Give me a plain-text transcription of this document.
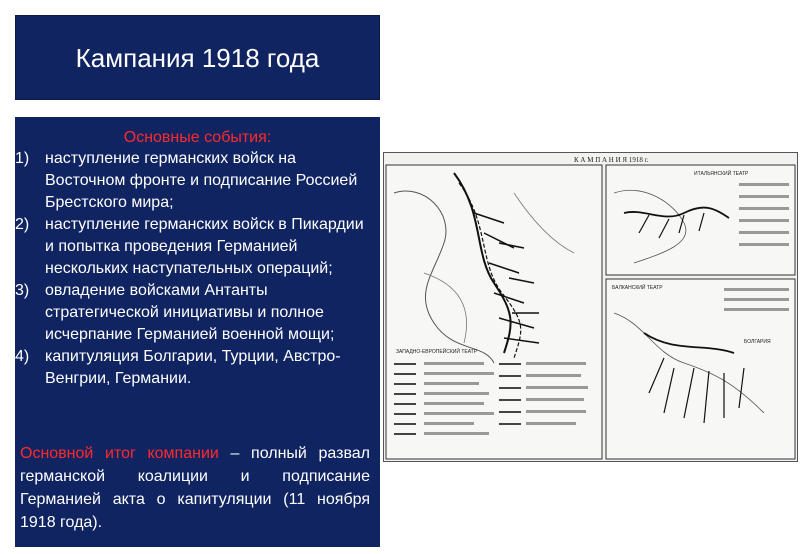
Кампания 1918 года
Основные события:
1) наступление германских войск на Восточном фронте и подписание Россией Брестского мира;
2) наступление германских войск в Пикардии и попытка проведения Германией нескольких наступательных операций;
3) овладение войсками Антанты стратегической инициативы и полное исчерпание Германией военной мощи;
4) капитуляция Болгарии, Турции, Австро-Венгрии, Германии.
Основной итог компании – полный развал германской коалиции и подписание Германией акта о капитуляции (11 ноября 1918 года).
К А М П А Н И Я 1918 г.
ЗАПАДНО-ЕВРОПЕЙСКИЙ ТЕАТР
ИТАЛЬЯНСКИЙ ТЕАТР
БАЛКАНСКИЙ ТЕАТР
БОЛГАРИЯ
